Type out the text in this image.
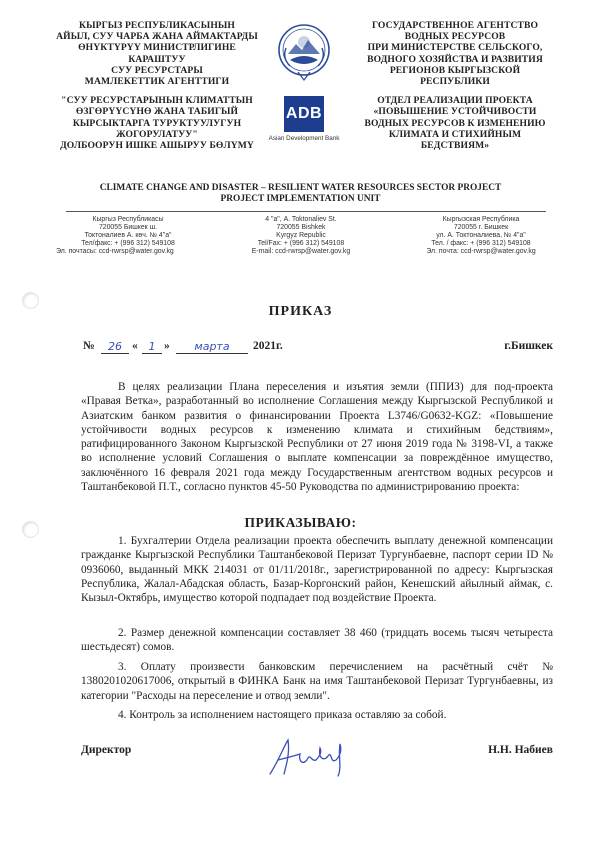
КЫРГЫЗ РЕСПУБЛИКАСЫНЫН
АЙЫЛ, СУУ ЧАРБА ЖАНА АЙМАКТАРДЫ
ӨНҮКТҮРҮҮ МИНИСТРЛИГИНЕ
КАРАШТУУ
СУУ РЕСУРСТАРЫ
МАМЛЕКЕТТИК АГЕНТТИГИ
"СУУ РЕСУРСТАРЫНЫН КЛИМАТТЫН
ӨЗГӨРҮҮСҮНӨ ЖАНА ТАБИГЫЙ
КЫРСЫКТАРГА ТУРУКТУУЛУГУН
ЖОГОРУЛАТУУ"
ДОЛБООРУН ИШКЕ АШЫРУУ БӨЛҮМҮ
ADB
Asian Development Bank
ГОСУДАРСТВЕННОЕ АГЕНТСТВО
ВОДНЫХ РЕСУРСОВ
ПРИ МИНИСТЕРСТВЕ СЕЛЬСКОГО,
ВОДНОГО ХОЗЯЙСТВА И РАЗВИТИЯ
РЕГИОНОВ КЫРГЫЗСКОЙ
РЕСПУБЛИКИ
ОТДЕЛ РЕАЛИЗАЦИИ ПРОЕКТА
«ПОВЫШЕНИЕ УСТОЙЧИВОСТИ
ВОДНЫХ РЕСУРСОВ К ИЗМЕНЕНИЮ
КЛИМАТА И СТИХИЙНЫМ
БЕДСТВИЯМ»
CLIMATE CHANGE AND DISASTER – RESILIENT WATER RESOURCES SECTOR PROJECT
PROJECT IMPLEMENTATION UNIT
Кыргыз Республикасы
720055 Бишкек ш.
Токтоналиев А. көч. № 4"а"
Тел/факс: + (996 312) 549108
Эл. почтасы: ccd-rwrsp@water.gov.kg
4 "а", A. Toktonaliev St.
720055 Bishkek
Kyrgyz Republic
Tel/Fax: + (996 312) 549108
E-mail: ccd-rwrsp@water.gov.kg
Кыргызская Республика
720055 г. Бишкек
ул. А. Токтоналиева, № 4"а"
Тел. / факс: + (996 312) 549108
Эл. почта: ccd-rwrsp@water.gov.kg
ПРИКАЗ
№	26 « 1 »	марта	2021г.	г.Бишкек
В целях реализации Плана переселения и изъятия земли (ППИЗ) для под-проекта «Правая Ветка», разработанный во исполнение Соглашения между Кыргызской Республикой и Азиатским банком развития о финансировании Проекта L3746/G0632-KGZ: «Повышение устойчивости водных ресурсов к изменению климата и стихийным бедствиям», ратифицированного Законом Кыргызской Республики от 27 июня 2019 года № 3198-VI, а также во исполнение условий Соглашения о выплате компенсации за повреждённое имущество, заключённого 16 февраля 2021 года между Государственным агентством водных ресурсов и Таштанбековой П.Т., согласно пунктов 45-50 Руководства по администрированию проекта:
ПРИКАЗЫВАЮ:
1. Бухгалтерии Отдела реализации проекта обеспечить выплату денежной компенсации гражданке Кыргызской Республики Таштанбековой Перизат Тургунбаевне, паспорт серии ID № 0936060, выданный МКК 214031 от 01/11/2018г., зарегистрированной по адресу: Кыргызская Республика, Жалал-Абадская область, Базар-Коргонский район, Кенешский айылный аймак, с. Кызыл-Октябрь, имущество которой подпадает под воздействие Проекта.
2. Размер денежной компенсации составляет 38 460 (тридцать восемь тысяч четыреста шестьдесят) сомов.
3. Оплату произвести банковским перечислением на расчётный счёт № 1380201020617006, открытый в ФИНКА Банк на имя Таштанбековой Перизат Тургунбаевны, из категории "Расходы на переселение и отвод земли".
4. Контроль за исполнением настоящего приказа оставляю за собой.
Директор	Н.Н. Набиев
